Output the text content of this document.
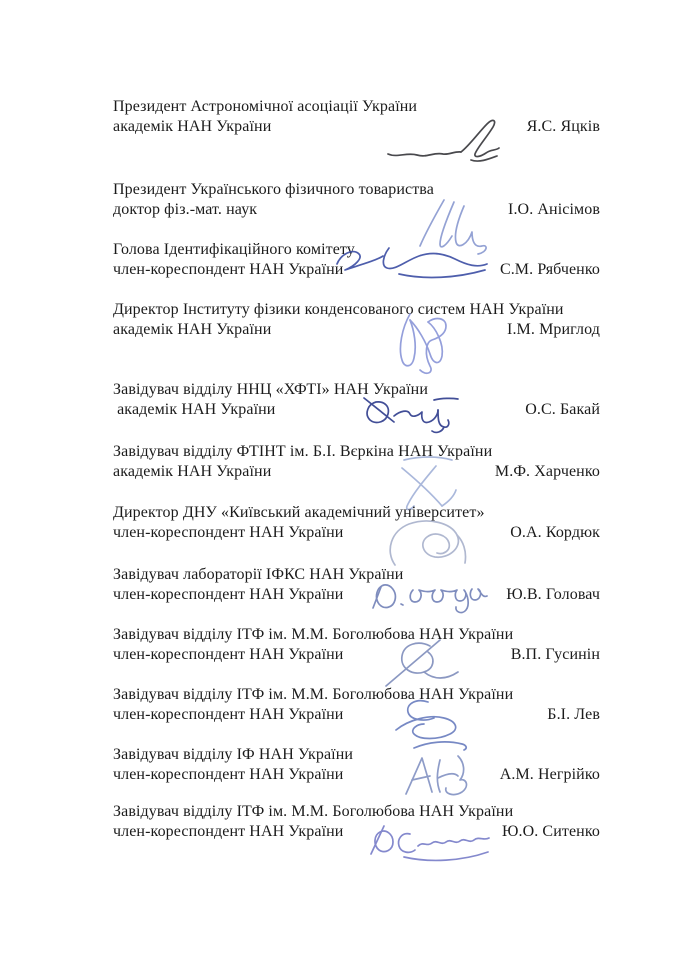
Президент Астрономічної асоціації України
академік НАН України	Я.С. Яцків
Президент Українського фізичного товариства
доктор фіз.-мат. наук	І.О. Анісімов
Голова Ідентифікаційного комітету
член-кореспондент НАН України	С.М. Рябченко
Директор Інституту фізики конденсованого систем НАН України
академік НАН України	І.М. Мриглод
Завідувач відділу ННЦ «ХФТІ» НАН України
академік НАН України	О.С. Бакай
Завідувач відділу ФТІНТ ім. Б.І. Вєркіна НАН України
академік НАН України	М.Ф. Харченко
Директор ДНУ «Київський академічний університет»
член-кореспондент НАН України	О.А. Кордюк
Завідувач лабораторії ІФКС НАН України
член-кореспондент НАН України	Ю.В. Головач
Завідувач відділу ІТФ ім. М.М. Боголюбова НАН України
член-кореспондент НАН України	В.П. Гусинін
Завідувач відділу ІТФ ім. М.М. Боголюбова НАН України
член-кореспондент НАН України	Б.І. Лев
Завідувач відділу ІФ НАН України
член-кореспондент НАН України	А.М. Негрійко
Завідувач відділу ІТФ ім. М.М. Боголюбова НАН України
член-кореспондент НАН України	Ю.О. Ситенко
